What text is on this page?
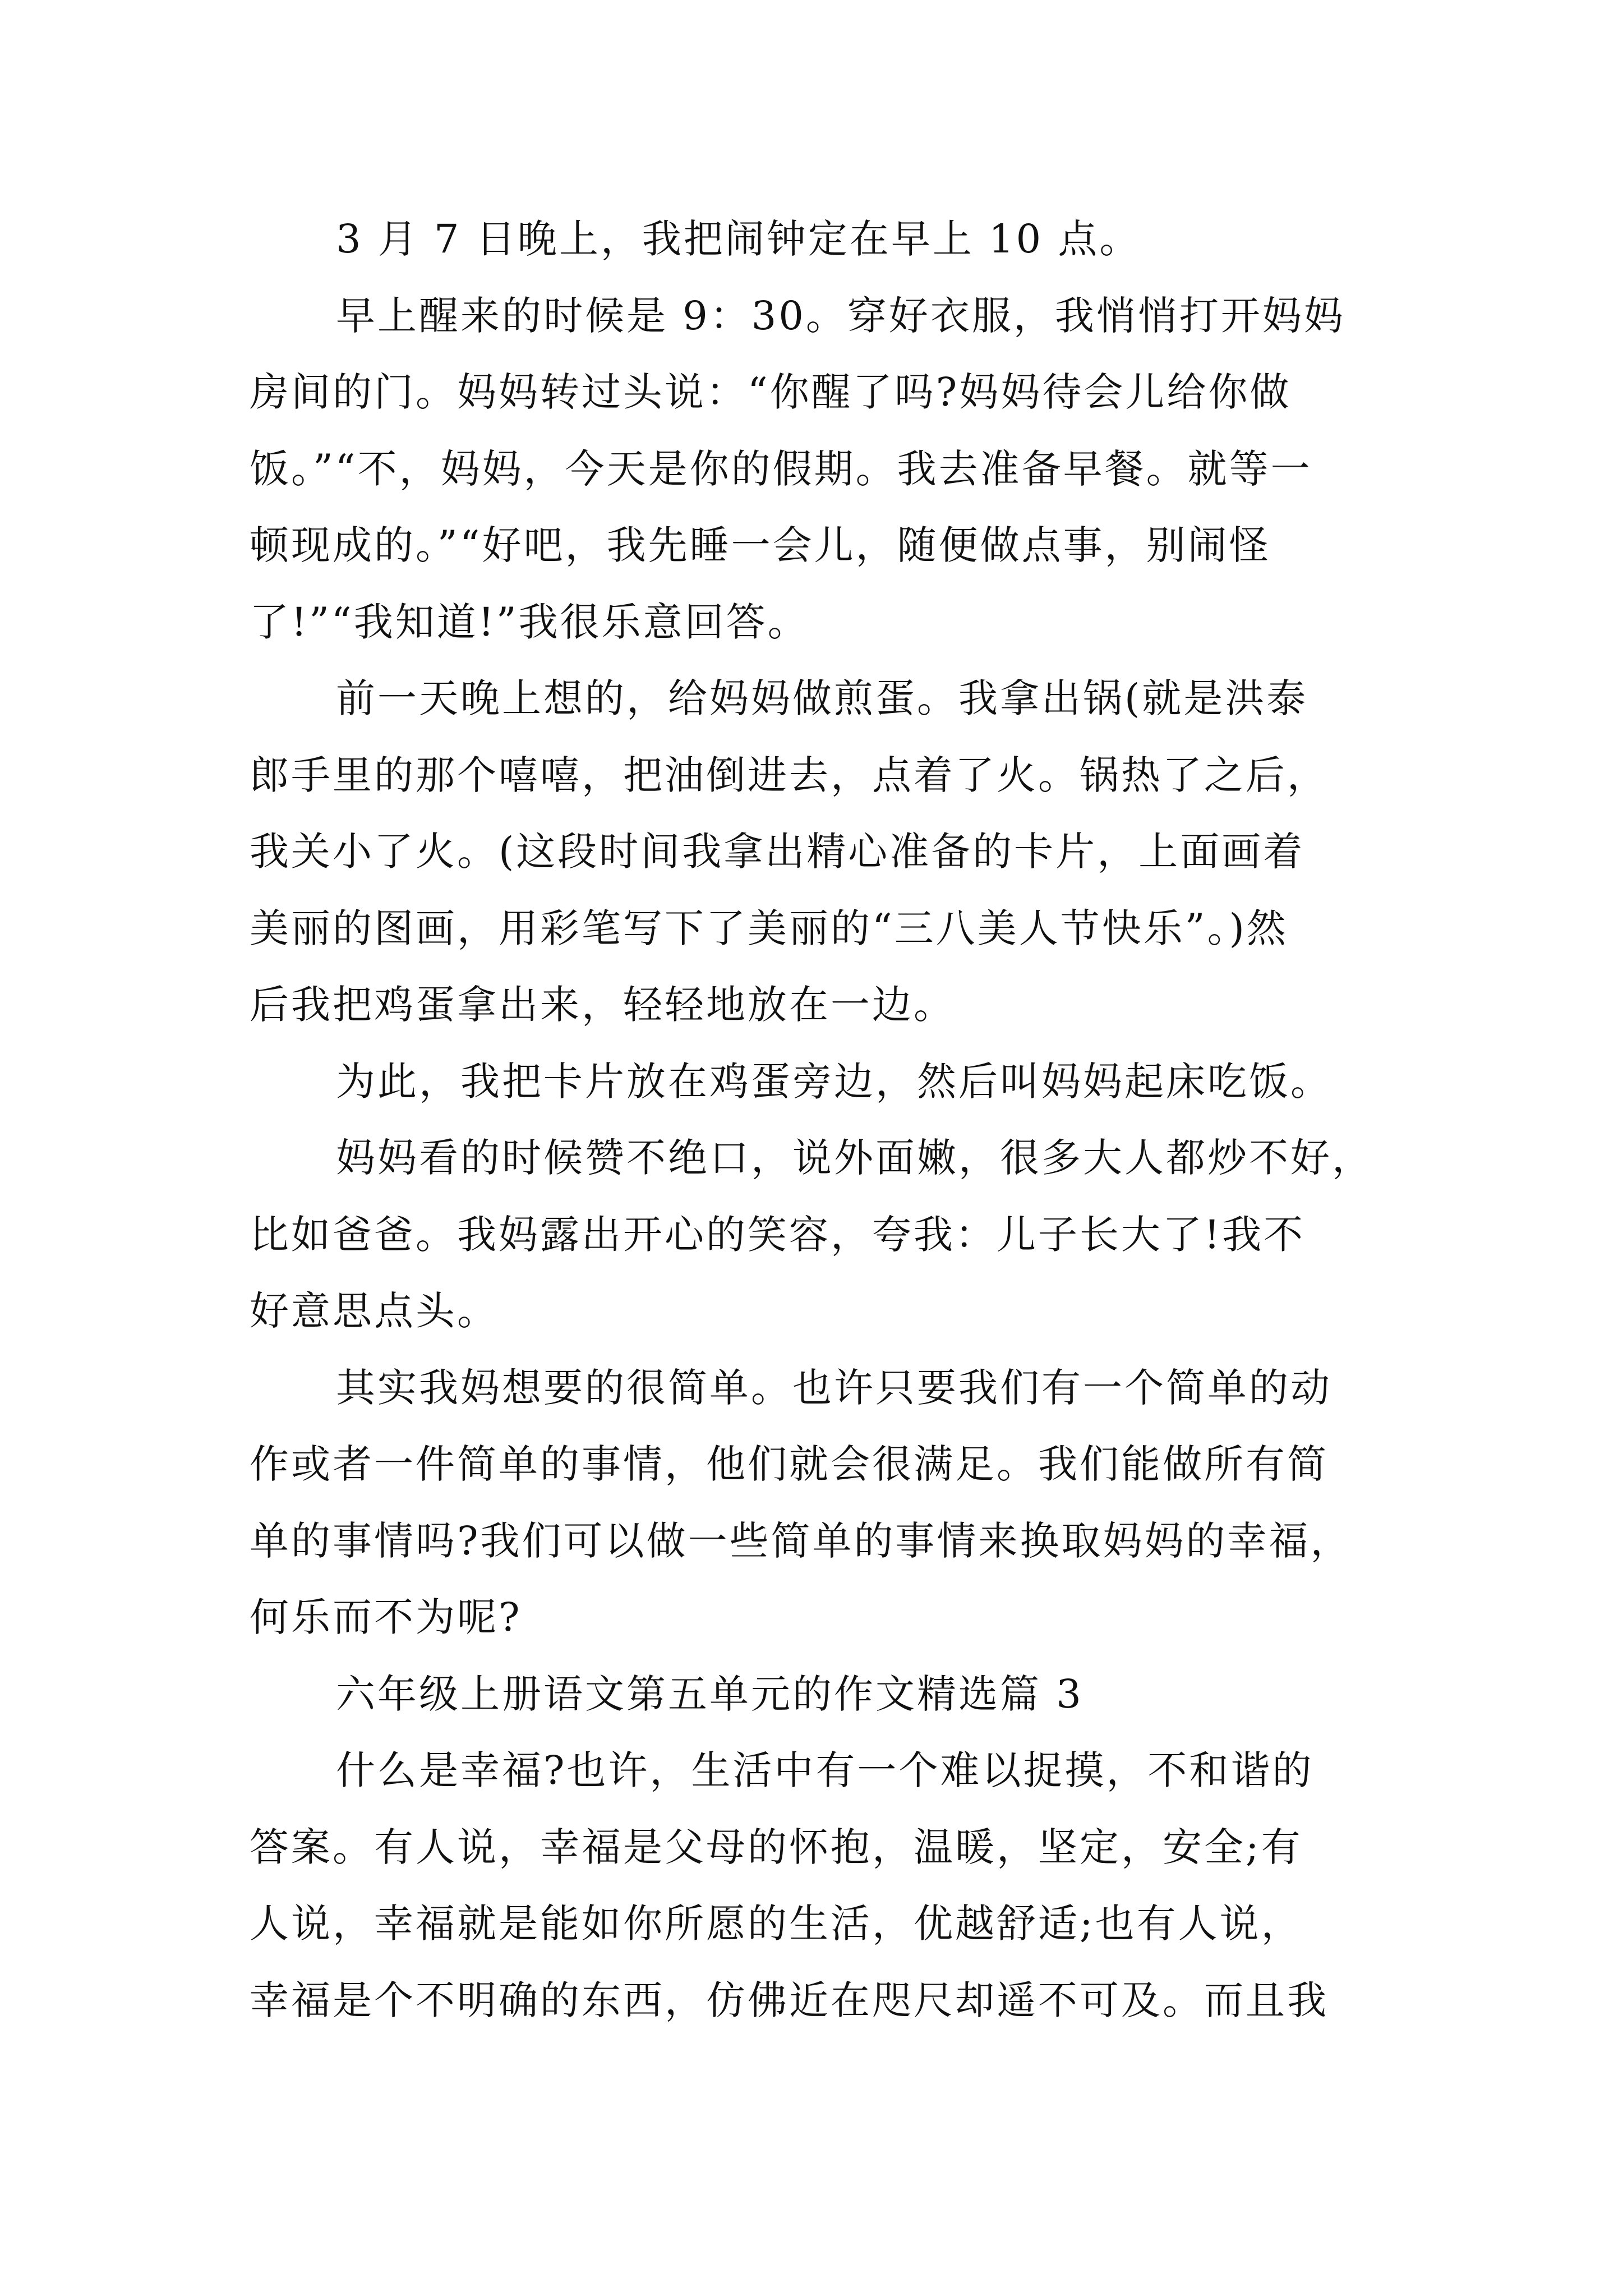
3 月 7 日晚上，我把闹钟定在早上 10 点。
早上醒来的时候是 9：30。穿好衣服，我悄悄打开妈妈
房间的门。妈妈转过头说：“你醒了吗?妈妈待会儿给你做
饭。”“不，妈妈，今天是你的假期。我去准备早餐。就等一
顿现成的。”“好吧，我先睡一会儿，随便做点事，别闹怪
了!”“我知道!”我很乐意回答。
前一天晚上想的，给妈妈做煎蛋。我拿出锅(就是洪泰
郎手里的那个嘻嘻，把油倒进去，点着了火。锅热了之后，
我关小了火。(这段时间我拿出精心准备的卡片，上面画着
美丽的图画，用彩笔写下了美丽的“三八美人节快乐”。)然
后我把鸡蛋拿出来，轻轻地放在一边。
为此，我把卡片放在鸡蛋旁边，然后叫妈妈起床吃饭。
妈妈看的时候赞不绝口，说外面嫩，很多大人都炒不好，
比如爸爸。我妈露出开心的笑容，夸我：儿子长大了!我不
好意思点头。
其实我妈想要的很简单。也许只要我们有一个简单的动
作或者一件简单的事情，他们就会很满足。我们能做所有简
单的事情吗?我们可以做一些简单的事情来换取妈妈的幸福，
何乐而不为呢?
六年级上册语文第五单元的作文精选篇 3
什么是幸福?也许，生活中有一个难以捉摸，不和谐的
答案。有人说，幸福是父母的怀抱，温暖，坚定，安全;有
人说，幸福就是能如你所愿的生活，优越舒适;也有人说，
幸福是个不明确的东西，仿佛近在咫尺却遥不可及。而且我
